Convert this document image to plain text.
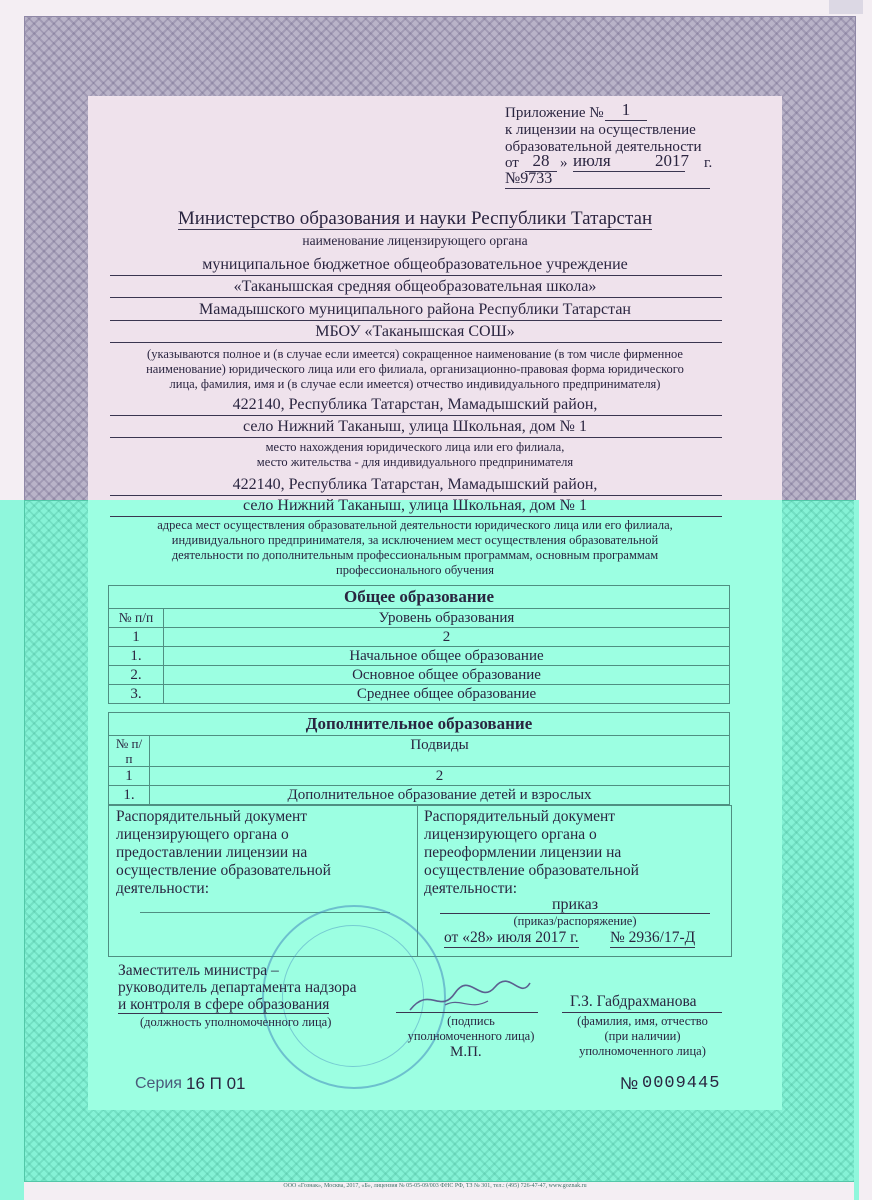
Приложение №	1
к лицензии на осуществление
образовательной деятельности
от 28 » июля	2017 г.
№9733
Министерство образования и науки Республики Татарстан
наименование лицензирующего органа
муниципальное бюджетное общеобразовательное учреждение
«Таканышская средняя общеобразовательная школа»
Мамадышского муниципального района Республики Татарстан
МБОУ «Таканышская СОШ»
(указываются полное и (в случае если имеется) сокращенное наименование (в том числе фирменное
наименование) юридического лица или его филиала, организационно-правовая форма юридического
лица, фамилия, имя и (в случае если имеется) отчество индивидуального предпринимателя)
422140, Республика Татарстан, Мамадышский район,
село Нижний Таканыш, улица Школьная, дом № 1
место нахождения юридического лица или его филиала,
место жительства - для индивидуального предпринимателя
422140, Республика Татарстан, Мамадышский район,
село Нижний Таканыш, улица Школьная, дом № 1
адреса мест осуществления образовательной деятельности юридического лица или его филиала,
индивидуального предпринимателя, за исключением мест осуществления образовательной
деятельности по дополнительным профессиональным программам, основным программам
профессионального обучения
Общее образование	
№ п/п	Уровень образования
1	2
1.	Начальное общее образование
2.	Основное общее образование
3.	Среднее общее образование
Дополнительное образование	
№ п/п	Подвиды
1	2
1.	Дополнительное образование детей и взрослых
Распорядительный документ
лицензирующего органа о
предоставлении лицензии на
осуществление образовательной
деятельности:
Распорядительный документ
лицензирующего органа о
переоформлении лицензии на
осуществление образовательной
деятельности:
приказ
(приказ/распоряжение)
от «28» июля 2017 г. № 2936/17-Д
Заместитель министра –
руководитель департамента надзора
и контроля в сфере образования
(должность уполномоченного лица)	(подпись
уполномоченного лица)
М.П.
Г.З. Габдрахманова
(фамилия, имя, отчество
(при наличии)
уполномоченного лица)
Серия 16 П 01	№ 0009445
ООО «Гознак», Москва, 2017, «Б», лицензия № 05-05-09/003 ФНС РФ, ТЗ № 301, тел.: (495) 726-47-47, www.goznak.ru
